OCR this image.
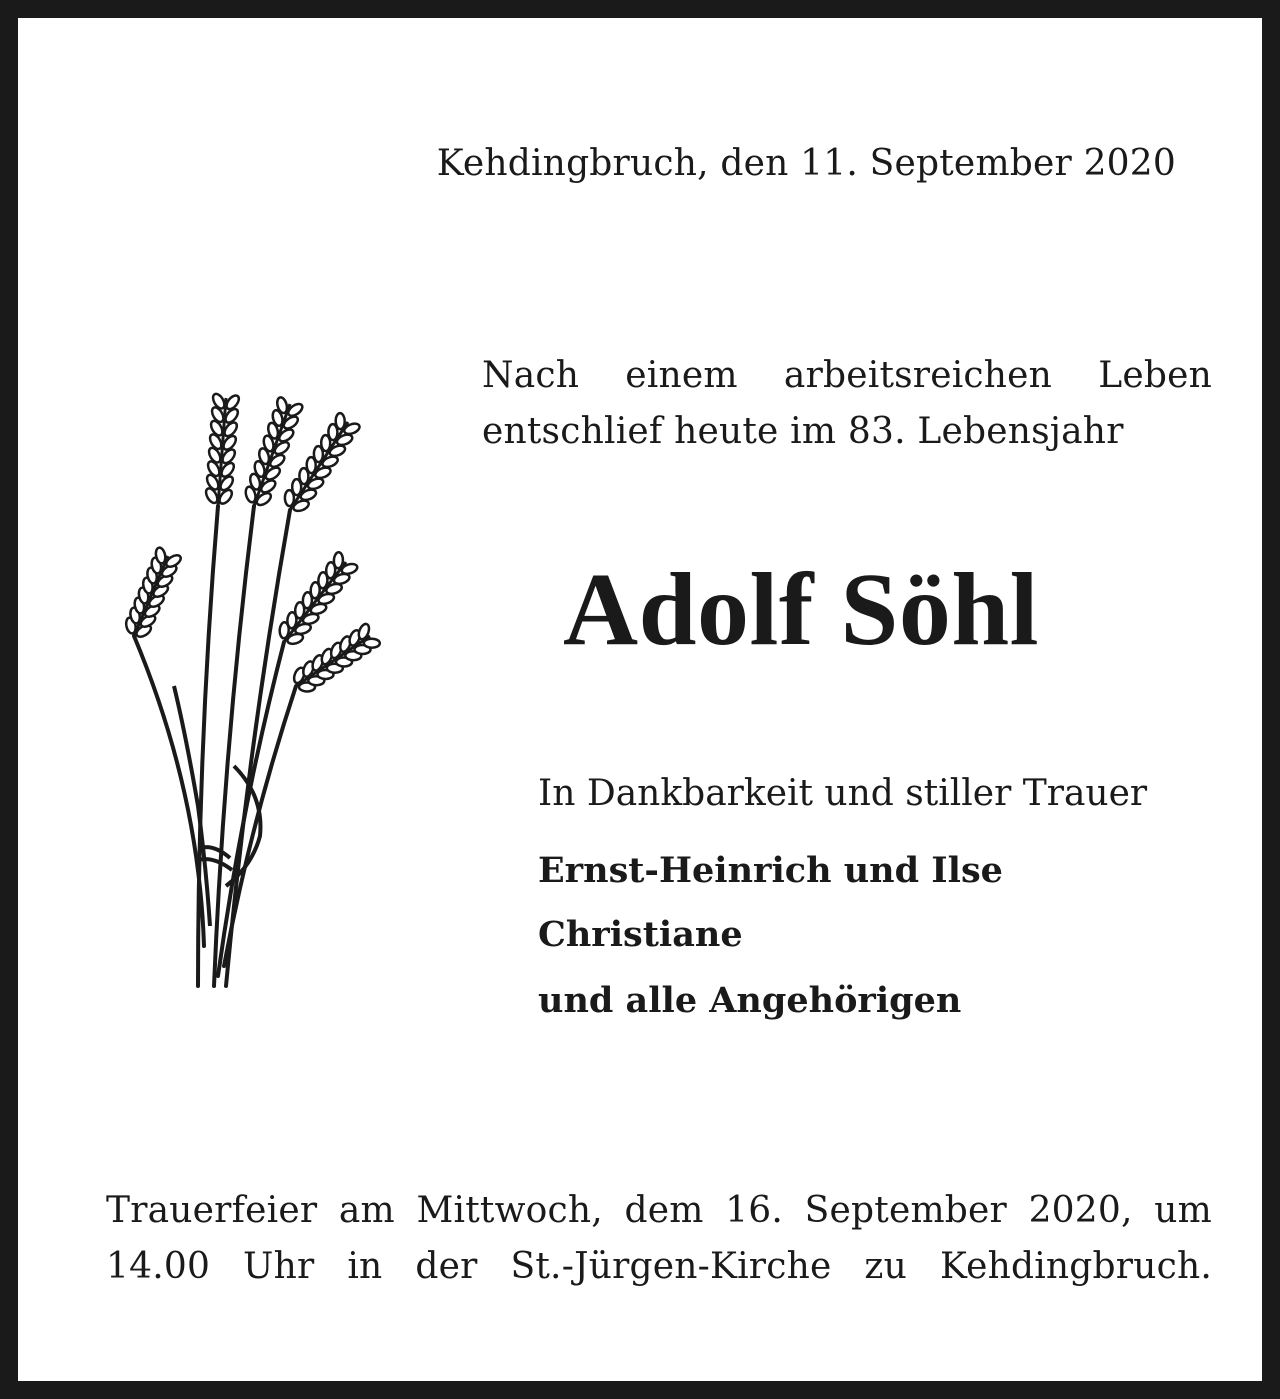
Kehdingbruch, den 11. September 2020
Nach einem arbeitsreichen Leben
entschlief heute im 83. Lebensjahr
Adolf Söhl
In Dankbarkeit und stiller Trauer
Ernst-Heinrich und Ilse
Christiane
und alle Angehörigen
Trauerfeier am Mittwoch, dem 16. September 2020, um
14.00 Uhr in der St.-Jürgen-Kirche zu Kehdingbruch.
